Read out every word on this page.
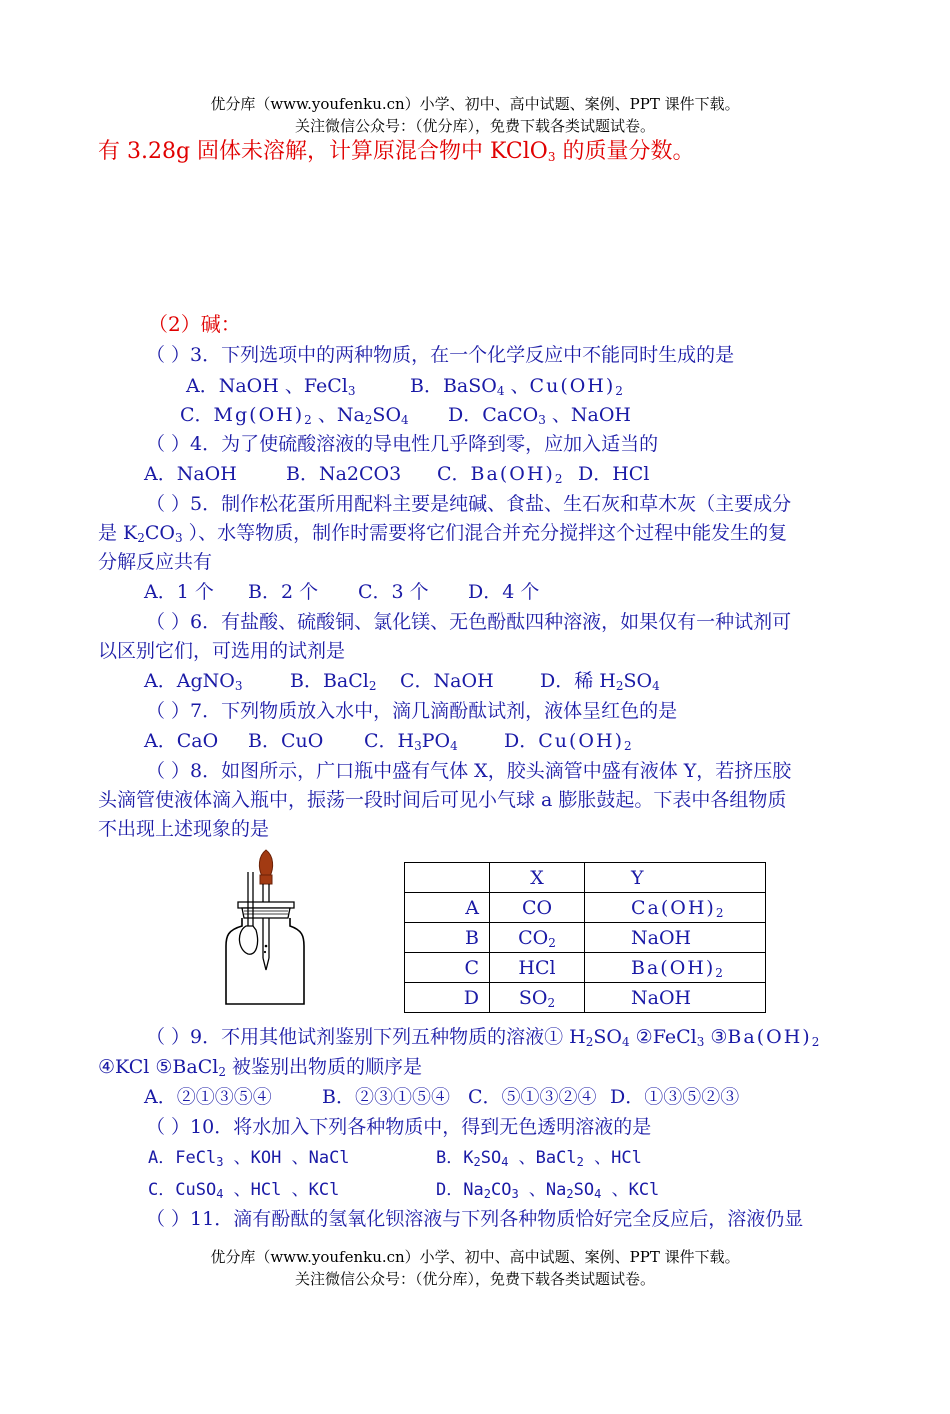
优分库（www.youfenku.cn）小学、初中、高中试题、案例、PPT 课件下载。
关注微信公众号：（优分库），免费下载各类试题试卷。
有 3.28g 固体未溶解，计算原混合物中 KClO$_3$ 的质量分数。
（2）碱：
（ ）3．下列选项中的两种物质，在一个化学反应中不能同时生成的是
A．NaOH 、FeCl$_3$	B．BaSO$_4$ 、$Cu(OH)_2$
C．$Mg(OH)_2$ 、$Na_2SO_4$ D．CaCO$_3$ 、NaOH
（ ）4．为了使硫酸溶液的导电性几乎降到零，应加入适当的
A．NaOH	B．Na2CO3 C．$Ba(OH)_2$ D．HCl
（ ）5．制作松花蛋所用配料主要是纯碱、食盐、生石灰和草木灰（主要成分
是 $K_2CO_3$ ）、水等物质，制作时需要将它们混合并充分搅拌这个过程中能发生的复
分解反应共有
A．1 个 B．2 个 C．3 个 D．4 个
（ ）6．有盐酸、硫酸铜、氯化镁、无色酚酞四种溶液，如果仅有一种试剂可
以区别它们，可选用的试剂是
A．AgNO$_3$	B．BaCl$_2$ C．NaOH D．稀 $H_2SO_4$
（ ）7．下列物质放入水中，滴几滴酚酞试剂，液体呈红色的是
A．CaO B．CuO C．$H_3PO_4$ D．$Cu(OH)_2$
（ ）8．如图所示，广口瓶中盛有气体 X，胶头滴管中盛有液体 Y，若挤压胶
头滴管使液体滴入瓶中，振荡一段时间后可见小气球 a 膨胀鼓起。下表中各组物质
不出现上述现象的是
	X	Y
A	CO	$Ca(OH)_2$
B	$CO_2$	NaOH
C	HCl	$Ba(OH)_2$
D	$SO_2$	NaOH
（ ）9．不用其他试剂鉴别下列五种物质的溶液① $H_2SO_4$ ②FeCl$_3$ $③Ba(OH)_2$
④KCl ⑤BaCl$_2$ 被鉴别出物质的顺序是
A．②①③⑤④	B．②③①⑤④ C．⑤①③②④ D．①③⑤②③
（ ）10．将水加入下列各种物质中，得到无色透明溶液的是
A．FeCl$_3$ 、KOH 、NaCl	B．$K_2SO_4$ 、BaCl$_2$ 、HCl
C．CuSO$_4$ 、HCl 、KCl	D．$Na_2CO_3$ 、$Na_2SO_4$ 、KCl
（ ）11．滴有酚酞的氢氧化钡溶液与下列各种物质恰好完全反应后，溶液仍显
优分库（www.youfenku.cn）小学、初中、高中试题、案例、PPT 课件下载。
关注微信公众号：（优分库），免费下载各类试题试卷。
